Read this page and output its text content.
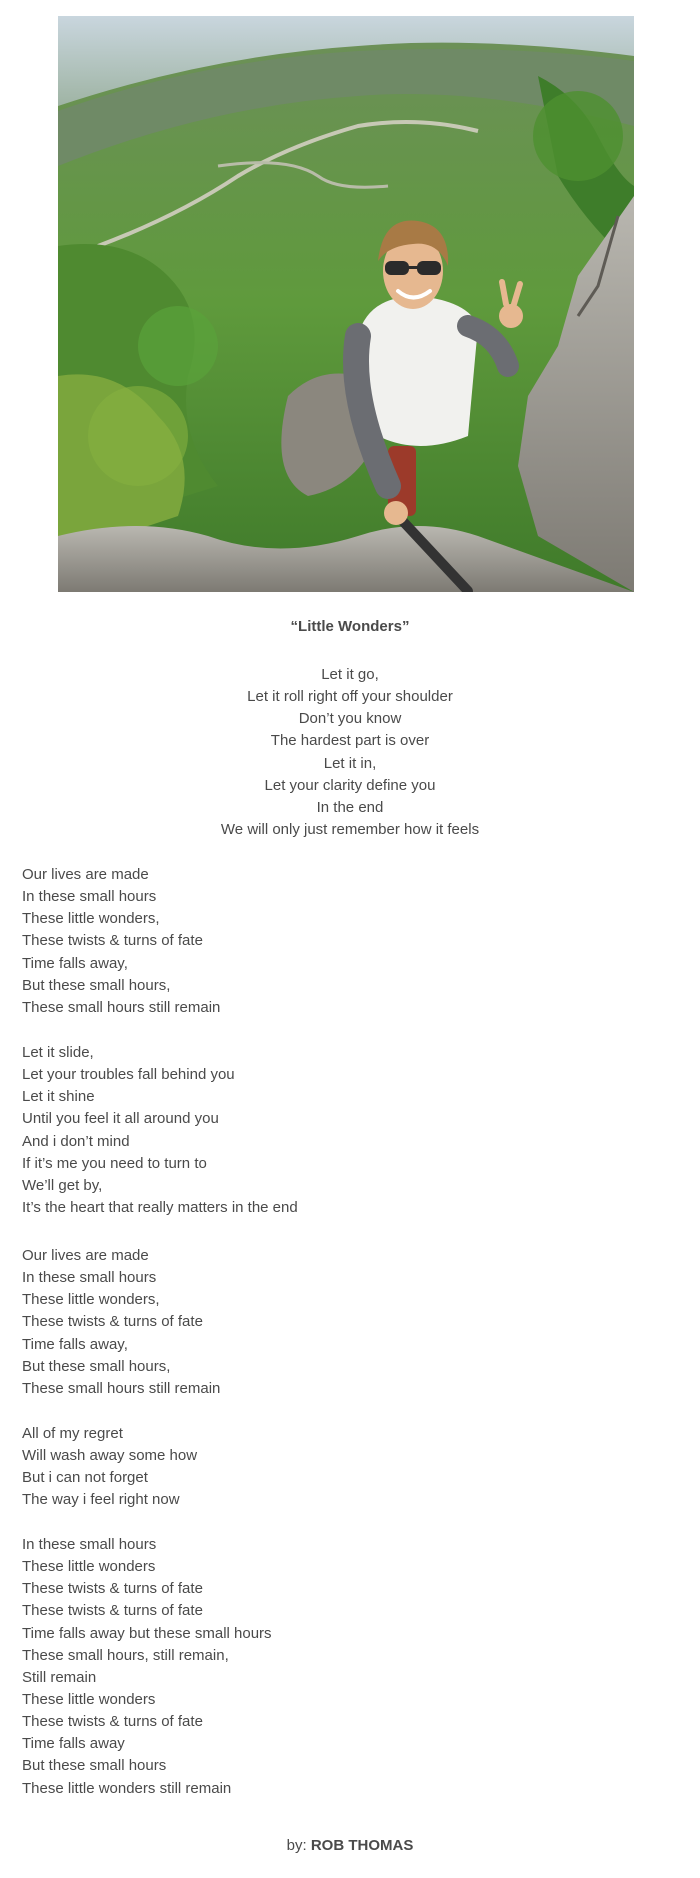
“Little Wonders”
Let it go,
Let it roll right off your shoulder
Don’t you know
The hardest part is over
Let it in,
Let your clarity define you
In the end
We will only just remember how it feels
Our lives are made
In these small hours
These little wonders,
These twists & turns of fate
Time falls away,
But these small hours,
These small hours still remain
Let it slide,
Let your troubles fall behind you
Let it shine
Until you feel it all around you
And i don’t mind
If it’s me you need to turn to
We’ll get by,
It’s the heart that really matters in the end
Our lives are made
In these small hours
These little wonders,
These twists & turns of fate
Time falls away,
But these small hours,
These small hours still remain
All of my regret
Will wash away some how
But i can not forget
The way i feel right now
In these small hours
These little wonders
These twists & turns of fate
These twists & turns of fate
Time falls away but these small hours
These small hours, still remain,
Still remain
These little wonders
These twists & turns of fate
Time falls away
But these small hours
These little wonders still remain
by: ROB THOMAS
